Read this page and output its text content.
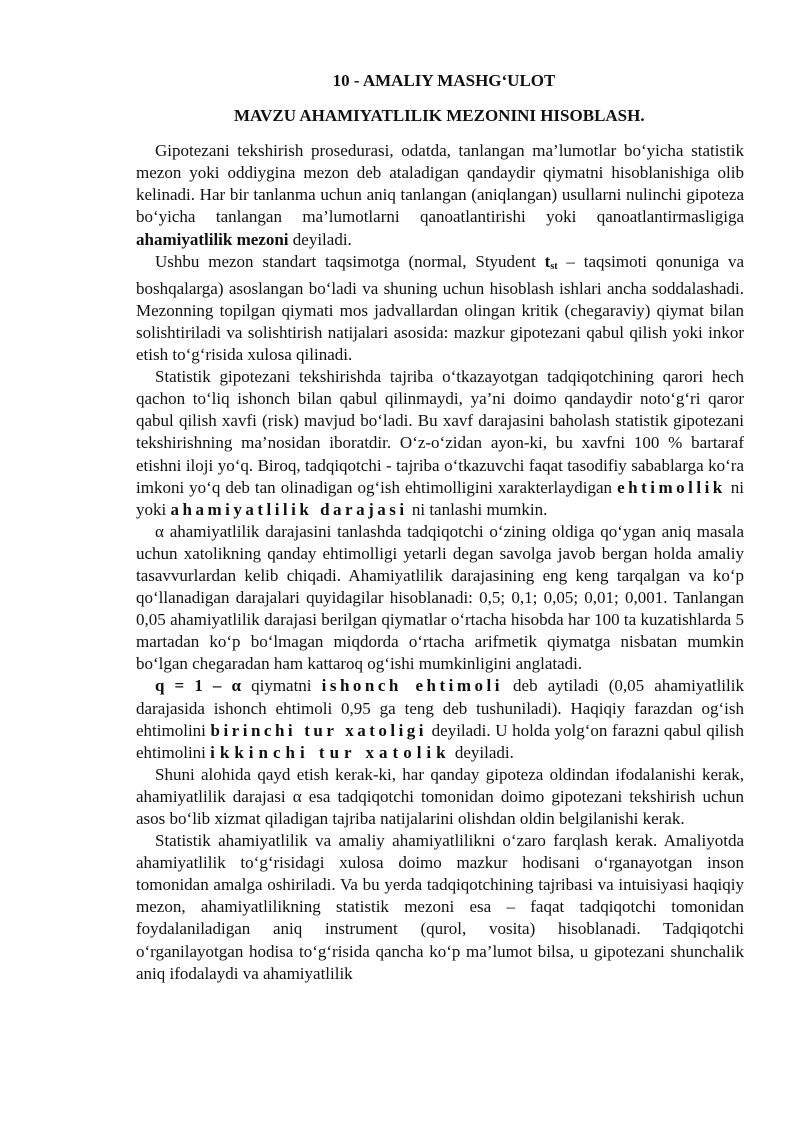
10 - AMALIY MASHG‘ULOT
MAVZU AHAMIYATLILIK MEZONINI HISOBLASH.

Gipotezani tekshirish prosedurasi, odatda, tanlangan ma’lumotlar bo‘yicha statistik mezon yoki oddiygina mezon deb ataladigan qandaydir qiymatni hisoblanishiga olib kelinadi. Har bir tanlanma uchun aniq tanlangan (aniqlangan) usullarni nulinchi gipoteza bo‘yicha tanlangan ma’lumotlarni qanoatlantirishi yoki qanoatlantirmasligiga ahamiyatlilik mezoni deyiladi.

Ushbu mezon standart taqsimotga (normal, Styudent $t_{st}$ – taqsimoti qonuniga va boshqalarga) asoslangan bo‘ladi va shuning uchun hisoblash ishlari ancha soddalashadi. Mezonning topilgan qiymati mos jadvallardan olingan kritik (chegaraviy) qiymat bilan solishtiriladi va solishtirish natijalari asosida: mazkur gipotezani qabul qilish yoki inkor etish to‘g‘risida xulosa qilinadi.

Statistik gipotezani tekshirishda tajriba o‘tkazayotgan tadqiqotchining qarori hech qachon to‘liq ishonch bilan qabul qilinmaydi, ya’ni doimo qandaydir noto‘g‘ri qaror qabul qilish xavfi (risk) mavjud bo‘ladi. Bu xavf darajasini baholash statistik gipotezani tekshirishning ma’nosidan iboratdir. O‘z-o‘zidan ayon-ki, bu xavfni 100 % bartaraf etishni iloji yo‘q. Biroq, tadqiqotchi - tajriba o‘tkazuvchi faqat tasodifiy sabablarga ko‘ra imkoni yo‘q deb tan olinadigan og‘ish ehtimolligini xarakterlaydigan ehtimollik ni yoki ahamiyatlilik darajasi ni tanlashi mumkin.

α ahamiyatlilik darajasini tanlashda tadqiqotchi o‘zining oldiga qo‘ygan aniq masala uchun xatolikning qanday ehtimolligi yetarli degan savolga javob bergan holda amaliy tasavvurlardan kelib chiqadi. Ahamiyatlilik darajasining eng keng tarqalgan va ko‘p qo‘llanadigan darajalari quyidagilar hisoblanadi: 0,5; 0,1; 0,05; 0,01; 0,001. Tanlangan 0,05 ahamiyatlilik darajasi berilgan qiymatlar o‘rtacha hisobda har 100 ta kuzatishlarda 5 martadan ko‘p bo‘lmagan miqdorda o‘rtacha arifmetik qiymatga nisbatan mumkin bo‘lgan chegaradan ham kattaroq og‘ishi mumkinligini anglatadi.

q = 1 – α qiymatni ishonch ehtimoli deb aytiladi (0,05 ahamiyatlilik darajasida ishonch ehtimoli 0,95 ga teng deb tushuniladi). Haqiqiy farazdan og‘ish ehtimolini birinchi tur xatoligi deyiladi. U holda yolg‘on farazni qabul qilish ehtimolini ikkinchi tur xatolik deyiladi.

Shuni alohida qayd etish kerak-ki, har qanday gipoteza oldindan ifodalanishi kerak, ahamiyatlilik darajasi α esa tadqiqotchi tomonidan doimo gipotezani tekshirish uchun asos bo‘lib xizmat qiladigan tajriba natijalarini olishdan oldin belgilanishi kerak.

Statistik ahamiyatlilik va amaliy ahamiyatlilikni o‘zaro farqlash kerak. Amaliyotda ahamiyatlilik to‘g‘risidagi xulosa doimo mazkur hodisani o‘rganayotgan inson tomonidan amalga oshiriladi. Va bu yerda tadqiqotchining tajribasi va intuisiyasi haqiqiy mezon, ahamiyatlilikning statistik mezoni esa – faqat tadqiqotchi tomonidan foydalaniladigan aniq instrument (qurol, vosita) hisoblanadi. Tadqiqotchi o‘rganilayotgan hodisa to‘g‘risida qancha ko‘p ma’lumot bilsa, u gipotezani shunchalik aniq ifodalaydi va ahamiyatlilik
